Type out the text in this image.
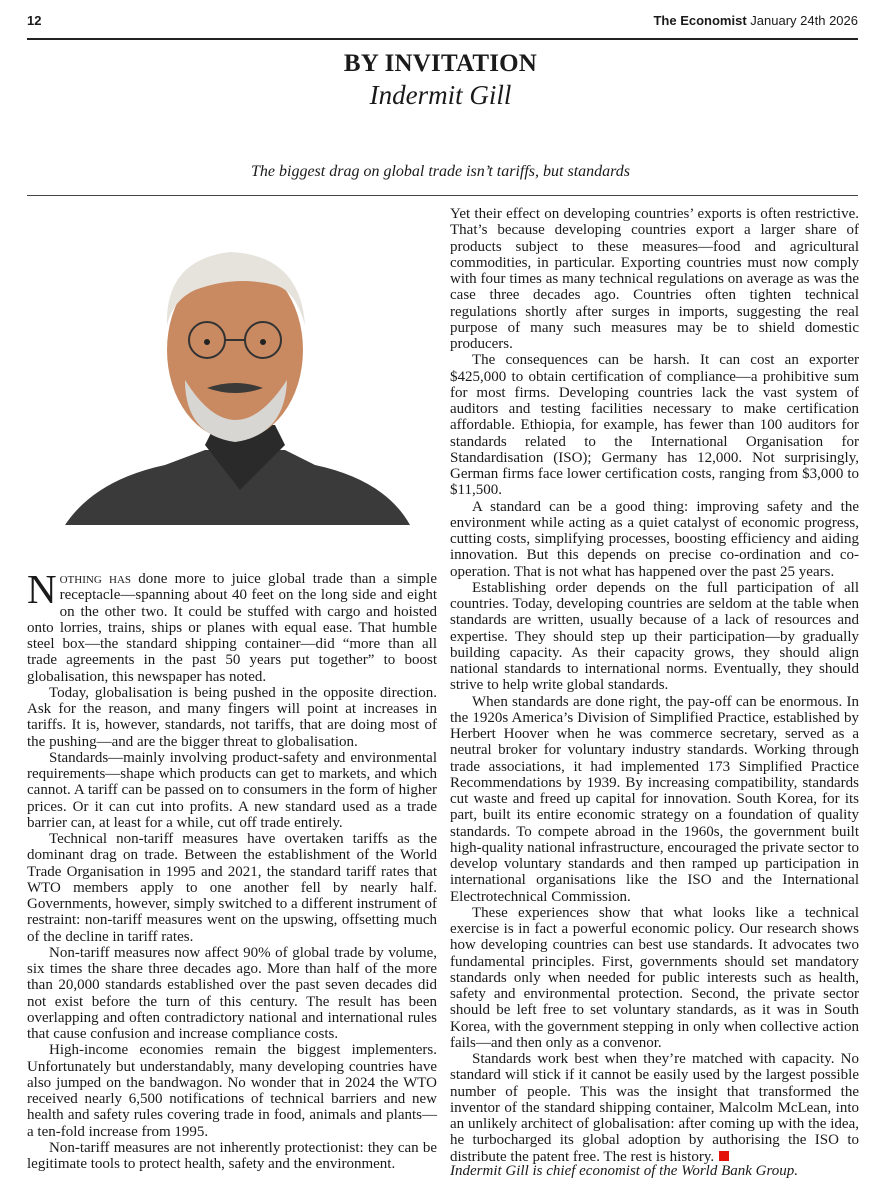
12	The Economist January 24th 2026
BY INVITATION
Indermit Gill
The biggest drag on global trade isn’t tariffs, but standards

Nothing has done more to juice global trade than a simple receptacle—spanning about 40 feet on the long side and eight on the other two. It could be stuffed with cargo and hoisted onto lorries, trains, ships or planes with equal ease. That humble steel box—the standard shipping container—did “more than all trade agreements in the past 50 years put together” to boost globalisation, this newspaper has noted.

Today, globalisation is being pushed in the opposite direction. Ask for the reason, and many fingers will point at increases in tariffs. It is, however, standards, not tariffs, that are doing most of the pushing—and are the bigger threat to globalisation.

Standards—mainly involving product-safety and environmental requirements—shape which products can get to markets, and which cannot. A tariff can be passed on to consumers in the form of higher prices. Or it can cut into profits. A new standard used as a trade barrier can, at least for a while, cut off trade entirely.

Technical non-tariff measures have overtaken tariffs as the dominant drag on trade. Between the establishment of the World Trade Organisation in 1995 and 2021, the standard tariff rates that WTO members apply to one another fell by nearly half. Governments, however, simply switched to a different instrument of restraint: non-tariff measures went on the upswing, offsetting much of the decline in tariff rates.

Non-tariff measures now affect 90% of global trade by volume, six times the share three decades ago. More than half of the more than 20,000 standards established over the past seven decades did not exist before the turn of this century. The result has been overlapping and often contradictory national and international rules that cause confusion and increase compliance costs.

High-income economies remain the biggest implementers. Unfortunately but understandably, many developing countries have also jumped on the bandwagon. No wonder that in 2024 the WTO received nearly 6,500 notifications of technical barriers and new health and safety rules covering trade in food, animals and plants—a ten-fold increase from 1995.

Non-tariff measures are not inherently protectionist: they can be legitimate tools to protect health, safety and the environment.

Yet their effect on developing countries’ exports is often restrictive. That’s because developing countries export a larger share of products subject to these measures—food and agricultural commodities, in particular. Exporting countries must now comply with four times as many technical regulations on average as was the case three decades ago. Countries often tighten technical regulations shortly after surges in imports, suggesting the real purpose of many such measures may be to shield domestic producers.

The consequences can be harsh. It can cost an exporter $425,000 to obtain certification of compliance—a prohibitive sum for most firms. Developing countries lack the vast system of auditors and testing facilities necessary to make certification affordable. Ethiopia, for example, has fewer than 100 auditors for standards related to the International Organisation for Standardisation (ISO); Germany has 12,000. Not surprisingly, German firms face lower certification costs, ranging from $3,000 to $11,500.

A standard can be a good thing: improving safety and the environment while acting as a quiet catalyst of economic progress, cutting costs, simplifying processes, boosting efficiency and aiding innovation. But this depends on precise co-ordination and co-operation. That is not what has happened over the past 25 years.

Establishing order depends on the full participation of all countries. Today, developing countries are seldom at the table when standards are written, usually because of a lack of resources and expertise. They should step up their participation—by gradually building capacity. As their capacity grows, they should align national standards to international norms. Eventually, they should strive to help write global standards.

When standards are done right, the pay-off can be enormous. In the 1920s America’s Division of Simplified Practice, established by Herbert Hoover when he was commerce secretary, served as a neutral broker for voluntary industry standards. Working through trade associations, it had implemented 173 Simplified Practice Recommendations by 1939. By increasing compatibility, standards cut waste and freed up capital for innovation. South Korea, for its part, built its entire economic strategy on a foundation of quality standards. To compete abroad in the 1960s, the government built high-quality national infrastructure, encouraged the private sector to develop voluntary standards and then ramped up participation in international organisations like the ISO and the International Electrotechnical Commission.

These experiences show that what looks like a technical exercise is in fact a powerful economic policy. Our research shows how developing countries can best use standards. It advocates two fundamental principles. First, governments should set mandatory standards only when needed for public interests such as health, safety and environmental protection. Second, the private sector should be left free to set voluntary standards, as it was in South Korea, with the government stepping in only when collective action fails—and then only as a convenor.

Standards work best when they’re matched with capacity. No standard will stick if it cannot be easily used by the largest possible number of people. This was the insight that transformed the inventor of the standard shipping container, Malcolm McLean, into an unlikely architect of globalisation: after coming up with the idea, he turbocharged its global adoption by authorising the ISO to distribute the patent free. The rest is history.

Indermit Gill is chief economist of the World Bank Group.
